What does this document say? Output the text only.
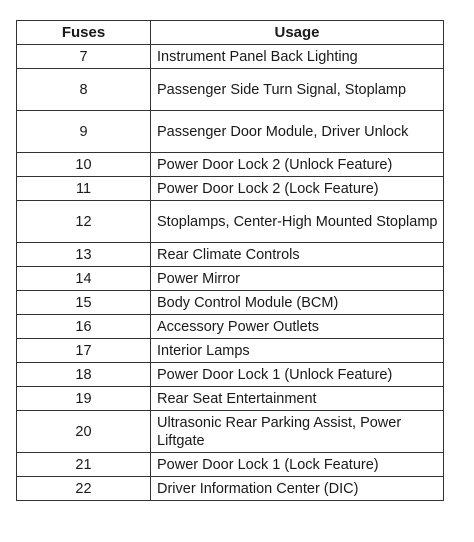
Fuses	Usage
7	Instrument Panel Back Lighting
8	Passenger Side Turn Signal, Stoplamp
9	Passenger Door Module, Driver Unlock
10	Power Door Lock 2 (Unlock Feature)
11	Power Door Lock 2 (Lock Feature)
12	Stoplamps, Center-High Mounted Stoplamp
13	Rear Climate Controls
14	Power Mirror
15	Body Control Module (BCM)
16	Accessory Power Outlets
17	Interior Lamps
18	Power Door Lock 1 (Unlock Feature)
19	Rear Seat Entertainment
20	Ultrasonic Rear Parking Assist, Power Liftgate
21	Power Door Lock 1 (Lock Feature)
22	Driver Information Center (DIC)
